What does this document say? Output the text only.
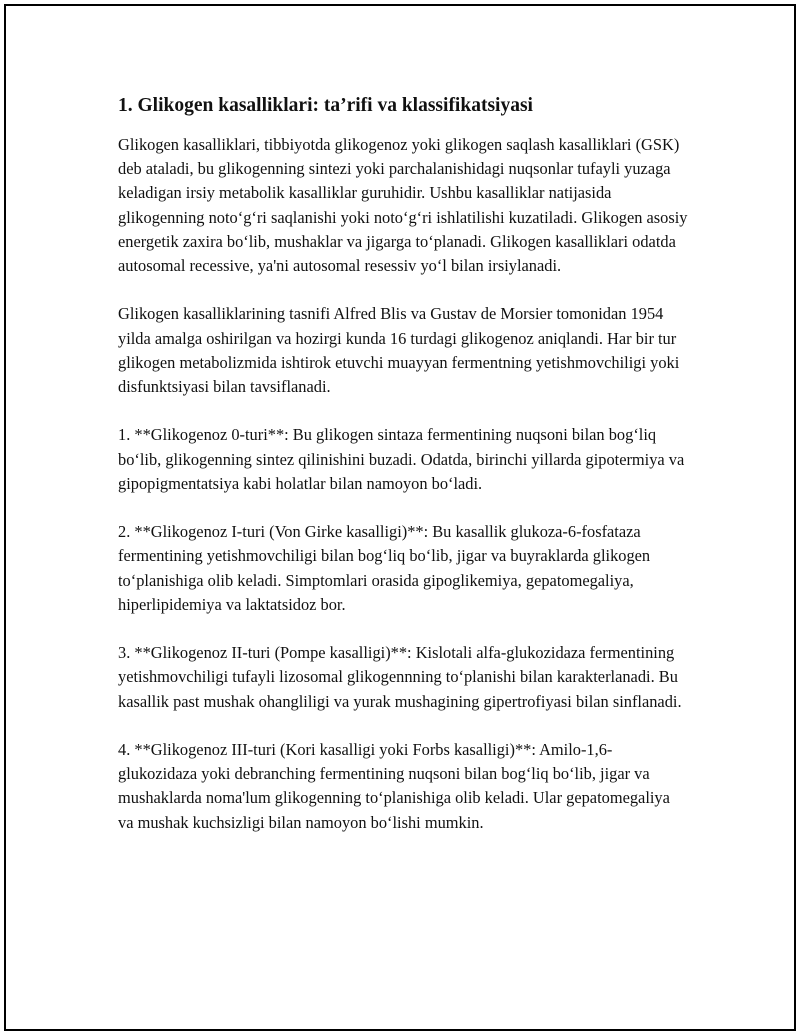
1. Glikogen kasalliklari: ta’rifi va klassifikatsiyasi

Glikogen kasalliklari, tibbiyotda glikogenoz yoki glikogen saqlash kasalliklari (GSK) deb ataladi, bu glikogenning sintezi yoki parchalanishidagi nuqsonlar tufayli yuzaga keladigan irsiy metabolik kasalliklar guruhidir. Ushbu kasalliklar natijasida glikogenning noto‘g‘ri saqlanishi yoki noto‘g‘ri ishlatilishi kuzatiladi. Glikogen asosiy energetik zaxira bo‘lib, mushaklar va jigarga to‘planadi. Glikogen kasalliklari odatda autosomal recessive, ya'ni autosomal resessiv yo‘l bilan irsiylanadi.

Glikogen kasalliklarining tasnifi Alfred Blis va Gustav de Morsier tomonidan 1954 yilda amalga oshirilgan va hozirgi kunda 16 turdagi glikogenoz aniqlandi. Har bir tur glikogen metabolizmida ishtirok etuvchi muayyan fermentning yetishmovchiligi yoki disfunktsiyasi bilan tavsiflanadi.

1. **Glikogenoz 0-turi**: Bu glikogen sintaza fermentining nuqsoni bilan bog‘liq bo‘lib, glikogenning sintez qilinishini buzadi. Odatda, birinchi yillarda gipotermiya va gipopigmentatsiya kabi holatlar bilan namoyon bo‘ladi.

2. **Glikogenoz I-turi (Von Girke kasalligi)**: Bu kasallik glukoza-6-fosfataza fermentining yetishmovchiligi bilan bog‘liq bo‘lib, jigar va buyraklarda glikogen to‘planishiga olib keladi. Simptomlari orasida gipoglikemiya, gepatomegaliya, hiperlipidemiya va laktatsidoz bor.

3. **Glikogenoz II-turi (Pompe kasalligi)**: Kislotali alfa-glukozidaza fermentining yetishmovchiligi tufayli lizosomal glikogennning to‘planishi bilan karakterlanadi. Bu kasallik past mushak ohangliligi va yurak mushagining gipertrofiyasi bilan sinflanadi.

4. **Glikogenoz III-turi (Kori kasalligi yoki Forbs kasalligi)**: Amilo-1,6-glukozidaza yoki debranching fermentining nuqsoni bilan bog‘liq bo‘lib, jigar va mushaklarda noma'lum glikogenning to‘planishiga olib keladi. Ular gepatomegaliya va mushak kuchsizligi bilan namoyon bo‘lishi mumkin.
